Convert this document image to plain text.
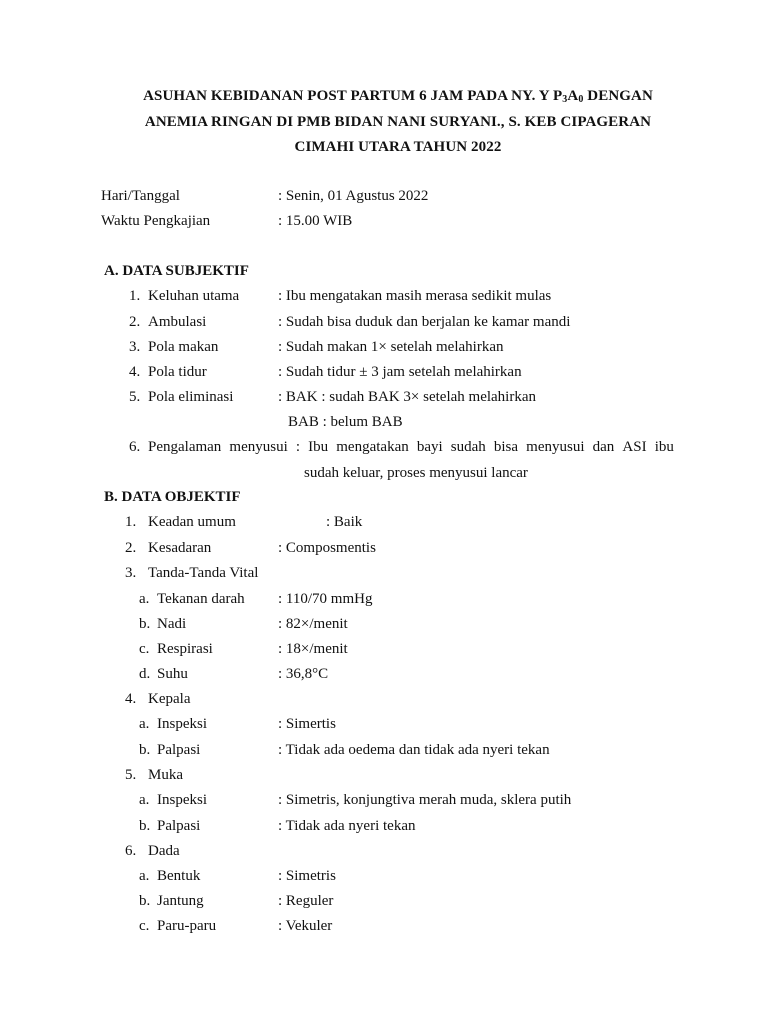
ASUHAN KEBIDANAN POST PARTUM 6 JAM PADA NY. Y $P_3A_0$ DENGAN
ANEMIA RINGAN DI PMB BIDAN NANI SURYANI., S. KEB CIPAGERAN
CIMAHI UTARA TAHUN 2022
Hari/Tanggal	: Senin, 01 Agustus 2022
Waktu Pengkajian	: 15.00 WIB
A. DATA SUBJEKTIF
1. Keluhan utama	: Ibu mengatakan masih merasa sedikit mulas
2. Ambulasi	: Sudah bisa duduk dan berjalan ke kamar mandi
3. Pola makan	: Sudah makan 1× setelah melahirkan
4. Pola tidur	: Sudah tidur ± 3 jam setelah melahirkan
5. Pola eliminasi	: BAK : sudah BAK 3× setelah melahirkan
BAB : belum BAB
6. Pengalaman menyusui : Ibu mengatakan bayi sudah bisa menyusui dan ASI ibu
sudah keluar, proses menyusui lancar
B. DATA OBJEKTIF
1. Keadan umum	: Baik
2. Kesadaran	: Composmentis
3. Tanda-Tanda Vital
a. Tekanan darah : 110/70 mmHg
b. Nadi	: 82×/menit
c. Respirasi	: 18×/menit
d. Suhu	: 36,8°C
4. Kepala
a. Inspeksi	: Simertis
b. Palpasi	: Tidak ada oedema dan tidak ada nyeri tekan
5. Muka
a. Inspeksi	: Simetris, konjungtiva merah muda, sklera putih
b. Palpasi	: Tidak ada nyeri tekan
6. Dada
a. Bentuk	: Simetris
b. Jantung	: Reguler
c. Paru-paru	: Vekuler
